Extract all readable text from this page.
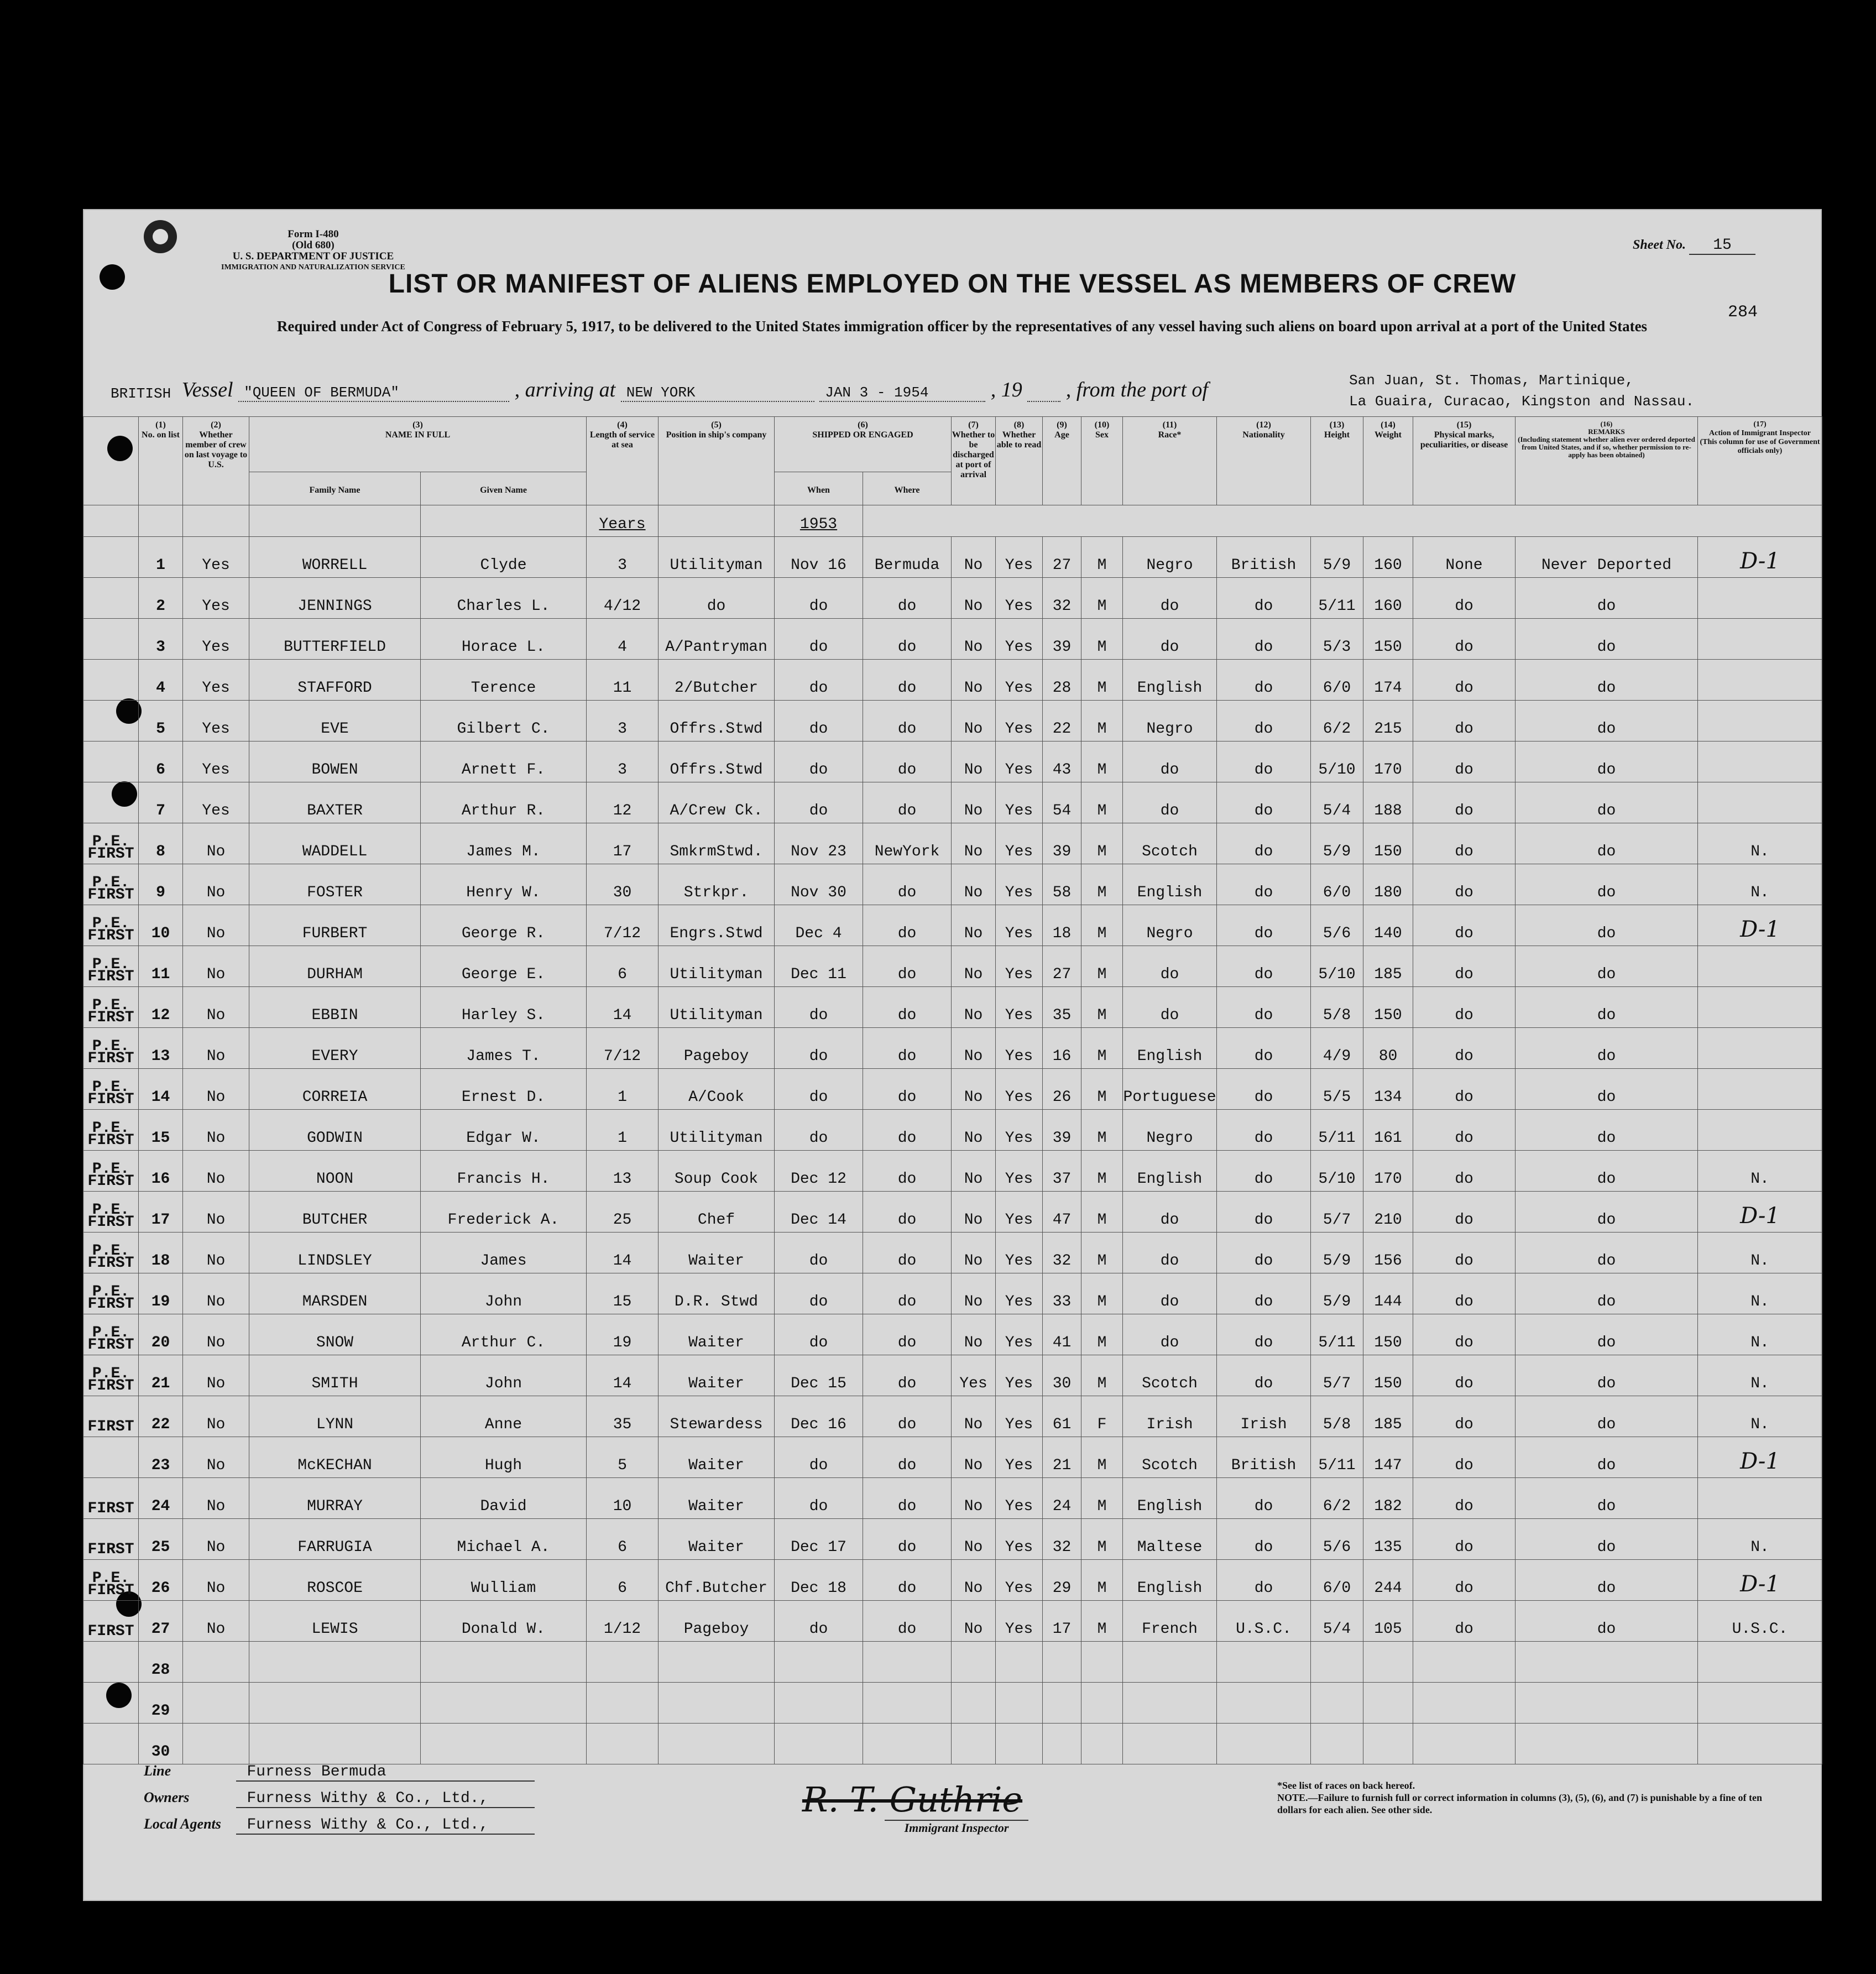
Form I-480
(Old 680)
U. S. DEPARTMENT OF JUSTICE
IMMIGRATION AND NATURALIZATION SERVICE
Sheet No. 15
284
LIST OR MANIFEST OF ALIENS EMPLOYED ON THE VESSEL AS MEMBERS OF CREW
Required under Act of Congress of February 5, 1917, to be delivered to the United States immigration officer by the representatives of any vessel having such aliens on board upon arrival at a port of the United States
BRITISH Vessel "QUEEN OF BERMUDA"	, arriving at NEW YORK	JAN 3 - 1954	, 19 , from the port of	San Juan, St. Thomas, Martinique,
La Guaira, Curacao, Kingston and Nassau.
	(1)
No. on list	(2)
Whether member of crew on last voyage to U.S.	(3)
NAME IN FULL		(4)
Length of service at sea	(5)
Position in ship's company	(6)
SHIPPED OR ENGAGED		(7)
Whether to be discharged at port of arrival	(8)
Whether able to read	(9)
Age	(10)
Sex	(11)
Race*	(12)
Nationality	(13)
Height	(14)
Weight	(15)
Physical marks, peculiarities, or disease	(16)
REMARKS
(Including statement whether alien ever ordered deported from United States, and if so, whether permission to re-apply has been obtained)	(17)
Action of Immigrant Inspector
(This column for use of Government officials only)
			Family Name	Given Name			When	Where											
					Years		1953												
	1	Yes	WORRELL	Clyde	3	Utilityman	Nov 16	Bermuda	No	Yes	27	M	Negro	British	5/9	160	None	Never Deported	D-1
	2	Yes	JENNINGS	Charles L.	4/12	do	do	do	No	Yes	32	M	do	do	5/11	160	do	do	
	3	Yes	BUTTERFIELD	Horace L.	4	A/Pantryman	do	do	No	Yes	39	M	do	do	5/3	150	do	do	
	4	Yes	STAFFORD	Terence	11	2/Butcher	do	do	No	Yes	28	M	English	do	6/0	174	do	do	
	5	Yes	EVE	Gilbert C.	3	Offrs.Stwd	do	do	No	Yes	22	M	Negro	do	6/2	215	do	do	
	6	Yes	BOWEN	Arnett F.	3	Offrs.Stwd	do	do	No	Yes	43	M	do	do	5/10	170	do	do	
	7	Yes	BAXTER	Arthur R.	12	A/Crew Ck.	do	do	No	Yes	54	M	do	do	5/4	188	do	do	
P.E.
FIRST	8	No	WADDELL	James M.	17	SmkrmStwd.	Nov 23	NewYork	No	Yes	39	M	Scotch	do	5/9	150	do	do	N.
P.E.
FIRST	9	No	FOSTER	Henry W.	30	Strkpr.	Nov 30	do	No	Yes	58	M	English	do	6/0	180	do	do	N.
P.E.
FIRST	10	No	FURBERT	George R.	7/12	Engrs.Stwd	Dec 4	do	No	Yes	18	M	Negro	do	5/6	140	do	do	D-1
P.E.
FIRST	11	No	DURHAM	George E.	6	Utilityman	Dec 11	do	No	Yes	27	M	do	do	5/10	185	do	do	
P.E.
FIRST	12	No	EBBIN	Harley S.	14	Utilityman	do	do	No	Yes	35	M	do	do	5/8	150	do	do	
P.E.
FIRST	13	No	EVERY	James T.	7/12	Pageboy	do	do	No	Yes	16	M	English	do	4/9	80	do	do	
P.E.
FIRST	14	No	CORREIA	Ernest D.	1	A/Cook	do	do	No	Yes	26	M	Portuguese	do	5/5	134	do	do	
P.E.
FIRST	15	No	GODWIN	Edgar W.	1	Utilityman	do	do	No	Yes	39	M	Negro	do	5/11	161	do	do	
P.E.
FIRST	16	No	NOON	Francis H.	13	Soup Cook	Dec 12	do	No	Yes	37	M	English	do	5/10	170	do	do	N.
P.E.
FIRST	17	No	BUTCHER	Frederick A.	25	Chef	Dec 14	do	No	Yes	47	M	do	do	5/7	210	do	do	D-1
P.E.
FIRST	18	No	LINDSLEY	James	14	Waiter	do	do	No	Yes	32	M	do	do	5/9	156	do	do	N.
P.E.
FIRST	19	No	MARSDEN	John	15	D.R. Stwd	do	do	No	Yes	33	M	do	do	5/9	144	do	do	N.
P.E.
FIRST	20	No	SNOW	Arthur C.	19	Waiter	do	do	No	Yes	41	M	do	do	5/11	150	do	do	N.
P.E.
FIRST	21	No	SMITH	John	14	Waiter	Dec 15	do	Yes	Yes	30	M	Scotch	do	5/7	150	do	do	N.
FIRST	22	No	LYNN	Anne	35	Stewardess	Dec 16	do	No	Yes	61	F	Irish	Irish	5/8	185	do	do	N.
	23	No	McKECHAN	Hugh	5	Waiter	do	do	No	Yes	21	M	Scotch	British	5/11	147	do	do	D-1
FIRST	24	No	MURRAY	David	10	Waiter	do	do	No	Yes	24	M	English	do	6/2	182	do	do	
FIRST	25	No	FARRUGIA	Michael A.	6	Waiter	Dec 17	do	No	Yes	32	M	Maltese	do	5/6	135	do	do	N.
P.E.
FIRST	26	No	ROSCOE	Wulliam	6	Chf.Butcher	Dec 18	do	No	Yes	29	M	English	do	6/0	244	do	do	D-1
FIRST	27	No	LEWIS	Donald W.	1/12	Pageboy	do	do	No	Yes	17	M	French	U.S.C.	5/4	105	do	do	U.S.C.
	28																		
	29																		
	30																		
Line	Furness Bermuda
Owners	Furness Withy & Co., Ltd.,
Local Agents Furness Withy & Co., Ltd.,
R. T. Guthrie
Immigrant Inspector
*See list of races on back hereof.
NOTE.—Failure to furnish full or correct information in columns (3), (5), (6), and (7) is punishable by a fine of ten dollars for each alien. See other side.
